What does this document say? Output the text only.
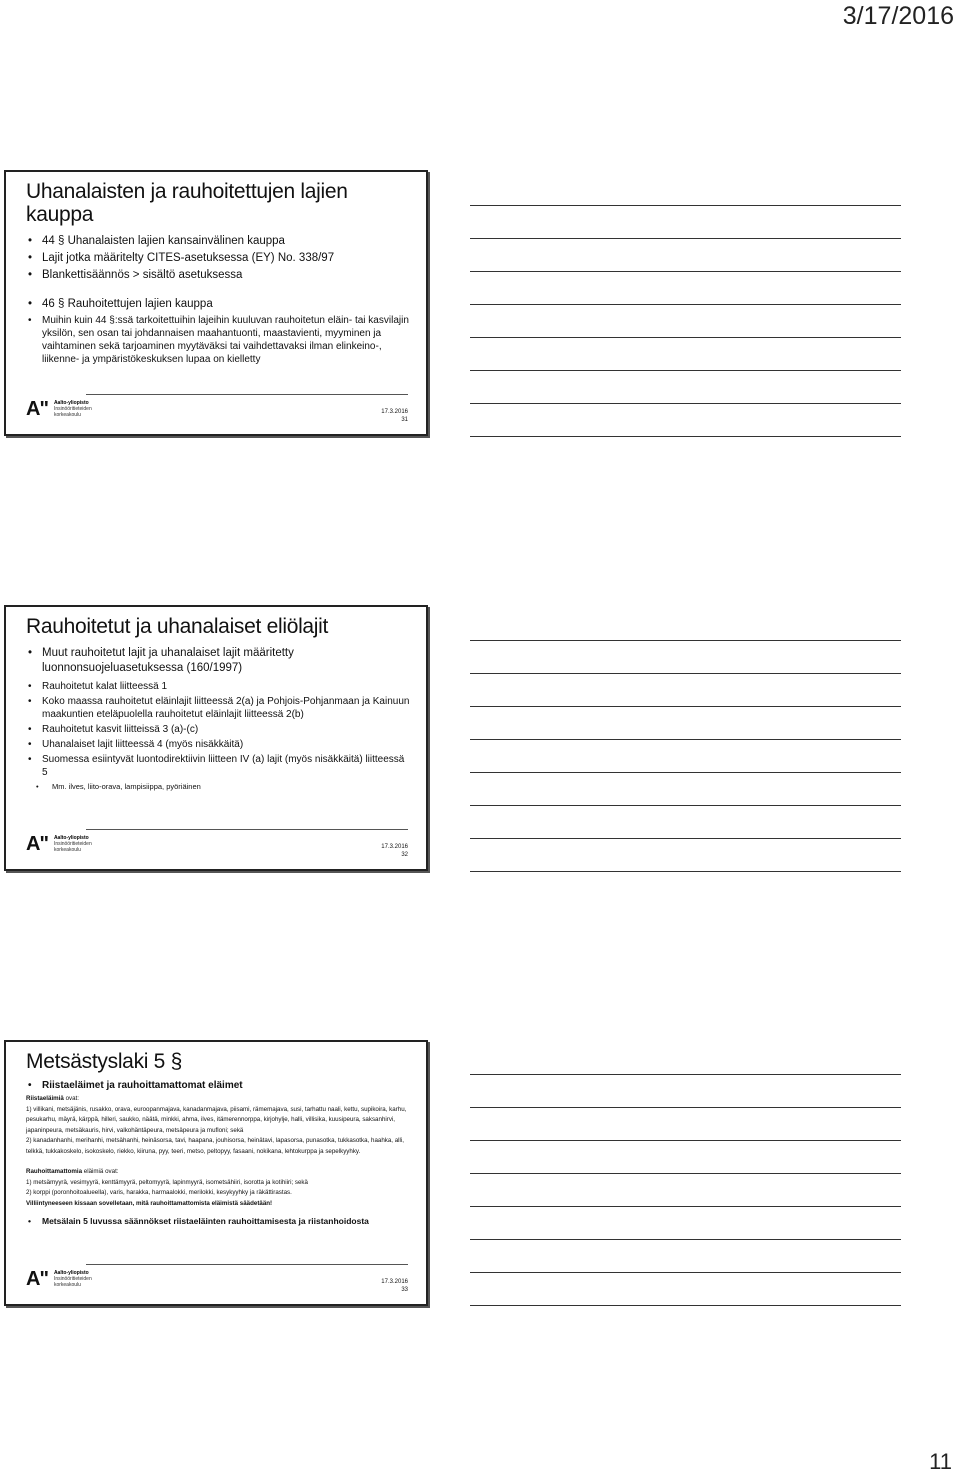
3/17/2016
Uhanalaisten ja rauhoitettujen lajien kauppa
• 44 § Uhanalaisten lajien kansainvälinen kauppa
• Lajit jotka määritelty CITES-asetuksessa (EY) No. 338/97
• Blankettisäännös > sisältö asetuksessa
• 46 § Rauhoitettujen lajien kauppa
• Muihin kuin 44 §:ssä tarkoitettuihin lajeihin kuuluvan rauhoitetun eläin- tai kasvilajin yksilön, sen osan tai johdannaisen maahantuonti, maastavienti, myyminen ja vaihtaminen sekä tarjoaminen myytäväksi tai vaihdettavaksi ilman elinkeino-, liikenne- ja ympäristökeskuksen lupaa on kielletty
A" Aalto-yliopisto
Insinööritieteiden
korkeakoulu	17.3.2016
31
Rauhoitetut ja uhanalaiset eliölajit
• Muut rauhoitetut lajit ja uhanalaiset lajit määritetty luonnonsuojeluasetuksessa (160/1997)
• Rauhoitetut kalat liitteessä 1
• Koko maassa rauhoitetut eläinlajit liitteessä 2(a) ja Pohjois-Pohjanmaan ja Kainuun maakuntien eteläpuolella rauhoitetut eläinlajit liitteessä 2(b)
• Rauhoitetut kasvit liitteissä 3 (a)-(c)
• Uhanalaiset lajit liitteessä 4 (myös nisäkkäitä)
• Suomessa esiintyvät luontodirektiivin liitteen IV (a) lajit (myös nisäkkäitä) liitteessä 5
• Mm. ilves, liito-orava, lampisiippa, pyöriäinen
A" Aalto-yliopisto
Insinööritieteiden
korkeakoulu	17.3.2016
32
Metsästyslaki 5 §
• Riistaeläimet ja rauhoittamattomat eläimet

Riistaeläimiä ovat:

1) villikani, metsäjänis, rusakko, orava, euroopanmajava, kanadanmajava, piisami, rämemajava, susi, tarhattu naali, kettu, supikoira, karhu, pesukarhu, mäyrä, kärppä, hilleri, saukko, näätä, minkki, ahma, ilves, itämerennorppa, kirjohylje, halli, villisika, kuusipeura, saksanhirvi, japaninpeura, metsäkauris, hirvi, valkohäntäpeura, metsäpeura ja mufloni; sekä

2) kanadanhanhi, merihanhi, metsähanhi, heinäsorsa, tavi, haapana, jouhisorsa, heinätavi, lapasorsa, punasotka, tukkasotka, haahka, alli, telkkä, tukkakoskelo, isokoskelo, riekko, kiiruna, pyy, teeri, metso, peltopyy, fasaani, nokikana, lehtokurppa ja sepelkyyhky.

Rauhoittamattomia eläimiä ovat:

1) metsämyyrä, vesimyyrä, kenttämyyrä, peltomyyrä, lapinmyyrä, isometsähiiri, isorotta ja kotihiiri; sekä

2) korppi (poronhoitoalueella), varis, harakka, harmaalokki, merilokki, kesykyyhky ja räkättirastas.

Villiintyneeseen kissaan sovelletaan, mitä rauhoittamattomista eläimistä säädetään!

• Metsälain 5 luvussa säännökset riistaeläinten rauhoittamisesta ja riistanhoidosta
A" Aalto-yliopisto
Insinööritieteiden
korkeakoulu	17.3.2016
33
11
